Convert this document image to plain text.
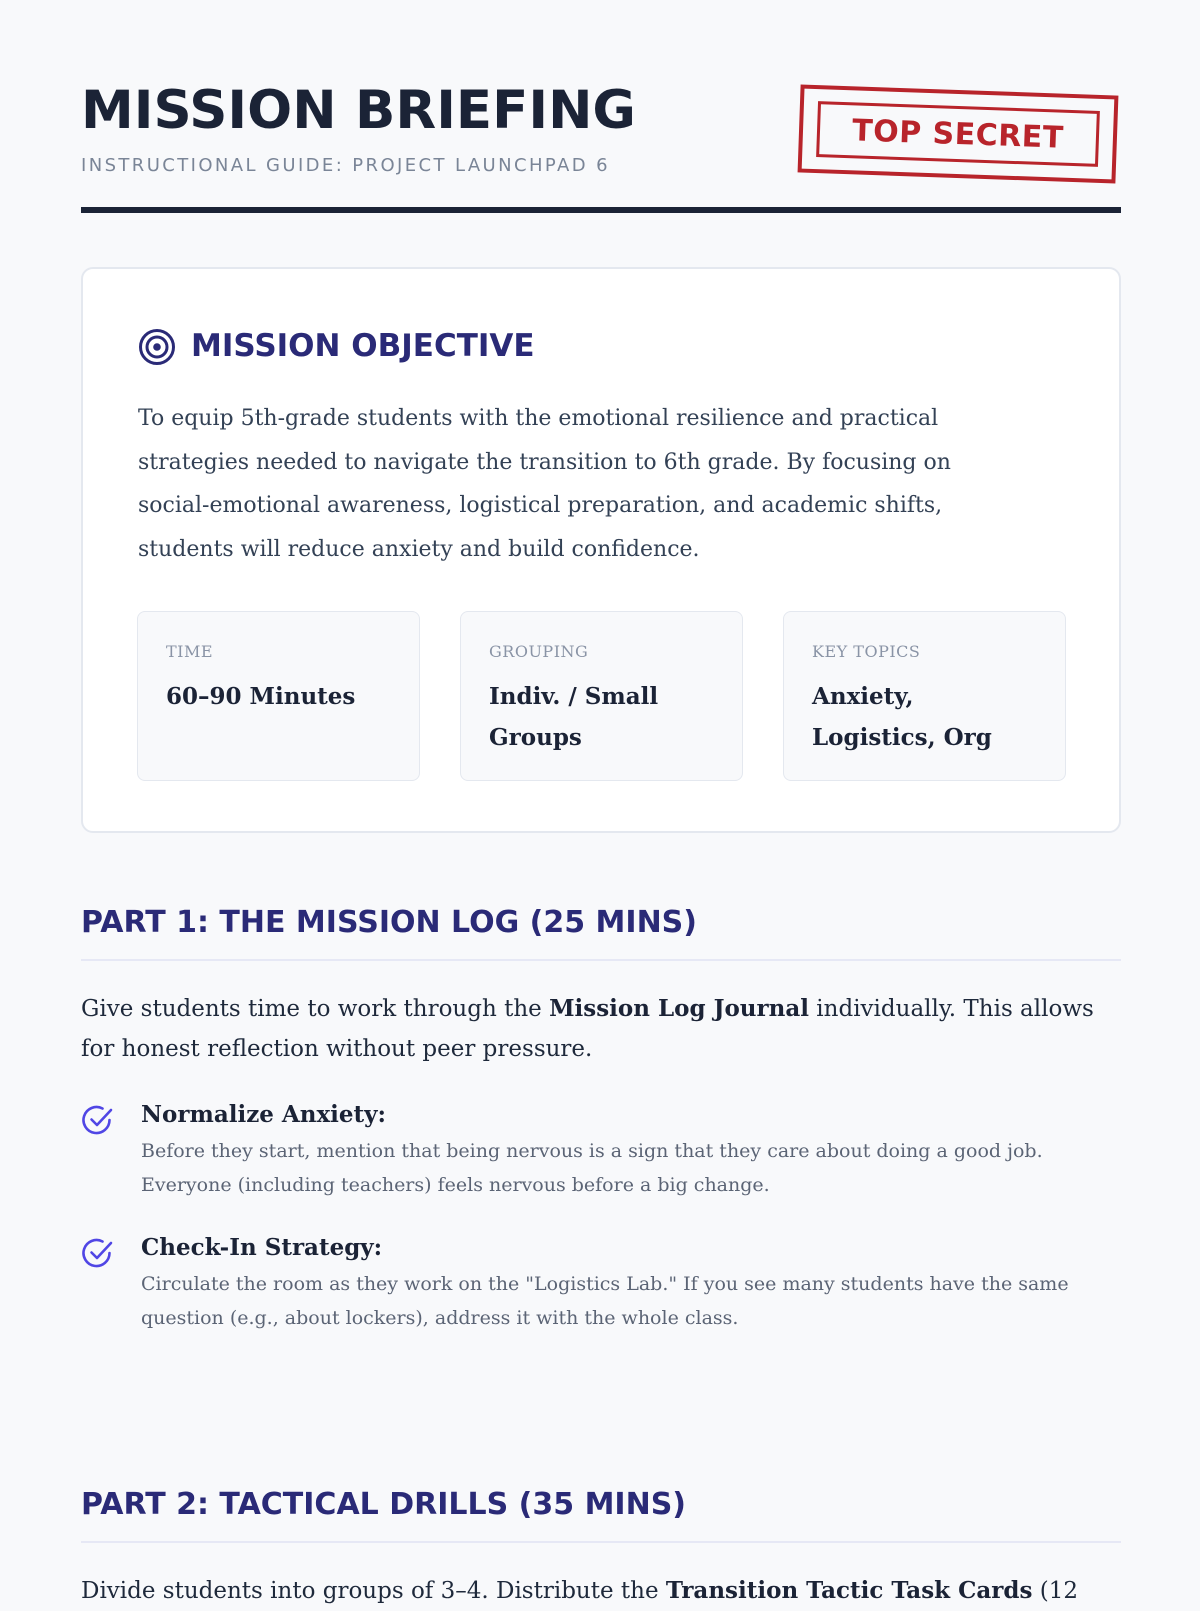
MISSION BRIEFING
INSTRUCTIONAL GUIDE: PROJECT LAUNCHPAD 6
TOP SECRET
MISSION OBJECTIVE
To equip 5th-grade students with the emotional resilience and practical strategies needed to navigate the transition to 6th grade. By focusing on social-emotional awareness, logistical preparation, and academic shifts, students will reduce anxiety and build confidence.
TIME
60–90 Minutes
GROUPING
Indiv. / Small Groups
KEY TOPICS
Anxiety, Logistics, Org
PART 1: THE MISSION LOG (25 MINS)
Give students time to work through the Mission Log Journal individually. This allows for honest reflection without peer pressure.
Normalize Anxiety:
Before they start, mention that being nervous is a sign that they care about doing a good job. Everyone (including teachers) feels nervous before a big change.
Check-In Strategy:
Circulate the room as they work on the "Logistics Lab." If you see many students have the same question (e.g., about lockers), address it with the whole class.
PART 2: TACTICAL DRILLS (35 MINS)
Divide students into groups of 3–4. Distribute the Transition Tactic Task Cards (12
